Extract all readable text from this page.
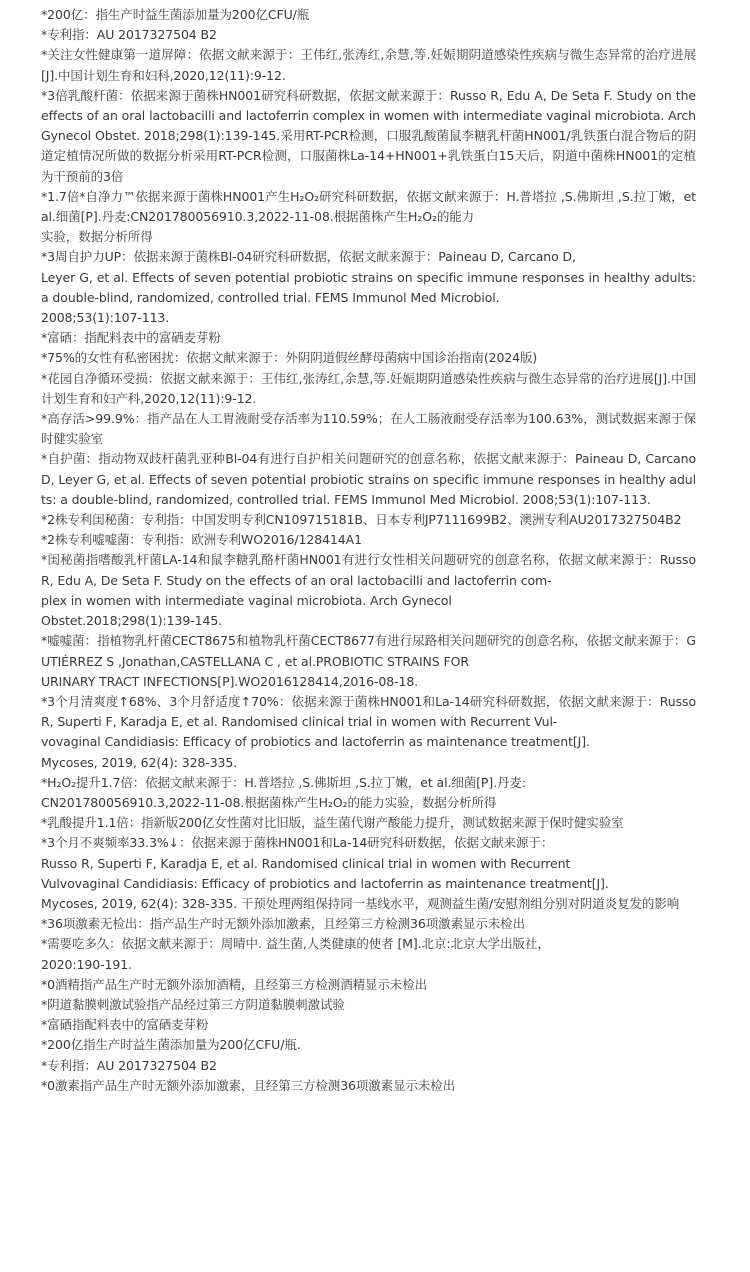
*200亿：指生产时益生菌添加量为200亿CFU/瓶
*专利指：AU 2017327504 B2
*关注女性健康第一道屏障：依据文献来源于：王伟红,张涛红,余慧,等.妊娠期阴道感染性疾病与微生态异常的治疗进展[J].中国计划生育和妇科,2020,12(11):9-12.
*3倍乳酸杆菌：依据来源于菌株HN001研究科研数据，依据文献来源于：Russo R, Edu A, De Seta F. Study on the effects of an oral lactobacilli and lactoferrin complex in women with intermediate vaginal microbiota. Arch Gynecol Obstet. 2018;298(1):139-145.采用RT-PCR检测，口服乳酸菌鼠李糖乳杆菌HN001/乳铁蛋白混合物后的阴道定植情况所做的数据分析采用RT-PCR检测，口服菌株La-14+HN001+乳铁蛋白15天后，阴道中菌株HN001的定植为干预前的3倍
*1.7倍*自净力™依据来源于菌株HN001产生H₂O₂研究科研数据，依据文献来源于：H.普塔拉 ,S.佛斯坦 ,S.拉丁嫩，et al.细菌[P].丹麦:CN201780056910.3,2022-11-08.根据菌株产生H₂O₂的能力
实验，数据分析所得
*3周自护力UP：依据来源于菌株Bl-04研究科研数据，依据文献来源于：Paineau D, Carcano D,
Leyer G, et al. Effects of seven potential probiotic strains on specific immune responses in healthy adults: a double-blind, randomized, controlled trial. FEMS Immunol Med Microbiol.
2008;53(1):107-113.
*富硒：指配料表中的富硒麦芽粉
*75%的女性有私密困扰：依据文献来源于：外阴阴道假丝酵母菌病中国诊治指南(2024版)
*花园自净循环受损：依据文献来源于：王伟红,张涛红,余慧,等.妊娠期阴道感染性疾病与微生态异常的治疗进展[J].中国计划生育和妇产科,2020,12(11):9-12.
*高存活>99.9%：指产品在人工胃液耐受存活率为110.59%；在人工肠液耐受存活率为100.63%，测试数据来源于保时健实验室
*自护菌：指动物双歧杆菌乳亚种Bl-04有进行自护相关问题研究的创意名称，依据文献来源于：Paineau D, Carcano D, Leyer G, et al. Effects of seven potential probiotic strains on specific immune responses in healthy adults: a double-blind, randomized, controlled trial. FEMS Immunol Med Microbiol. 2008;53(1):107-113.
*2株专利闺秘菌：专利指：中国发明专利CN109715181B、日本专利JP7111699B2、澳洲专利AU2017327504B2
*2株专利嘘嘘菌：专利指：欧洲专利WO2016/128414A1
*闺秘菌指嗜酸乳杆菌LA-14和鼠李糖乳酪杆菌HN001有进行女性相关问题研究的创意名称，依据文献来源于：Russo R, Edu A, De Seta F. Study on the effects of an oral lactobacilli and lactoferrin com-
plex in women with intermediate vaginal microbiota. Arch Gynecol
Obstet.2018;298(1):139-145.
*嘘嘘菌：指植物乳杆菌CECT8675和植物乳杆菌CECT8677有进行尿路相关问题研究的创意名称，依据文献来源于：GUTIÉRREZ S ,Jonathan,CASTELLANA C , et al.PROBIOTIC STRAINS FOR
URINARY TRACT INFECTIONS[P].WO2016128414,2016-08-18.
*3个月清爽度↑68%、3个月舒适度↑70%：依据来源于菌株HN001和La-14研究科研数据，依据文献来源于：Russo R, Superti F, Karadja E, et al. Randomised clinical trial in women with Recurrent Vul-
vovaginal Candidiasis: Efficacy of probiotics and lactoferrin as maintenance treatment[J].
Mycoses, 2019, 62(4): 328-335.
*H₂O₂提升1.7倍：依据文献来源于：H.普塔拉 ,S.佛斯坦 ,S.拉丁嫩，et al.细菌[P].丹麦:
CN201780056910.3,2022-11-08.根据菌株产生H₂O₂的能力实验，数据分析所得
*乳酸提升1.1倍：指新版200亿女性菌对比旧版，益生菌代谢产酸能力提升，测试数据来源于保时健实验室
*3个月不爽频率33.3%↓：依据来源于菌株HN001和La-14研究科研数据，依据文献来源于：
Russo R, Superti F, Karadja E, et al. Randomised clinical trial in women with Recurrent
Vulvovaginal Candidiasis: Efficacy of probiotics and lactoferrin as maintenance treatment[J].
Mycoses, 2019, 62(4): 328-335. 干预处理两组保持同一基线水平，观测益生菌/安慰剂组分别对阴道炎复发的影响
*36项激素无检出：指产品生产时无额外添加激素，且经第三方检测36项激素显示未检出
*需要吃多久：依据文献来源于：周晴中. 益生菌,人类健康的使者 [M].北京:北京大学出版社，
2020:190-191.
*0酒精指产品生产时无额外添加酒精，且经第三方检测酒精显示未检出
*阴道黏膜刺激试验指产品经过第三方阴道黏膜刺激试验
*富硒指配料表中的富硒麦芽粉
*200亿指生产时益生菌添加量为200亿CFU/瓶.
*专利指：AU 2017327504 B2
*0激素指产品生产时无额外添加激素，且经第三方检测36项激素显示未检出
